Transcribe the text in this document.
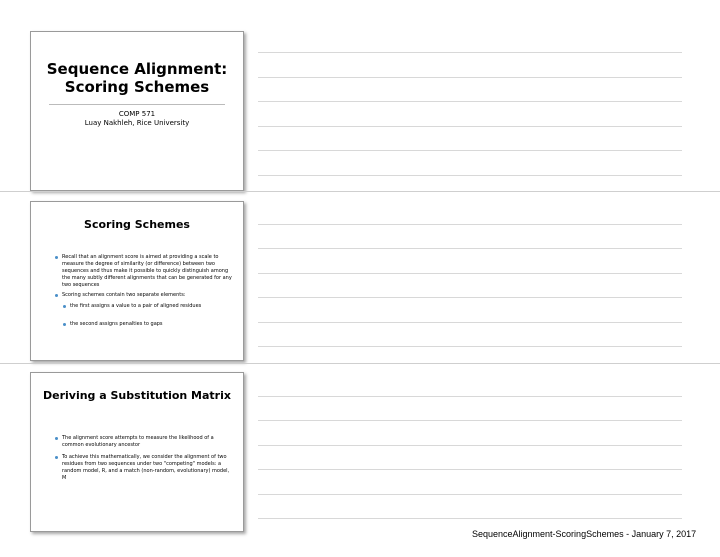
Sequence Alignment:
Scoring Schemes
COMP 571
Luay Nakhleh, Rice University
Scoring Schemes
Recall that an alignment score is aimed at providing a scale to measure the degree of similarity (or difference) between two sequences and thus make it possible to quickly distinguish among the many subtly different alignments that can be generated for any two sequences
Scoring schemes contain two separate elements:
the first assigns a value to a pair of aligned residues
the second assigns penalties to gaps
Deriving a Substitution Matrix
The alignment score attempts to measure the likelihood of a common evolutionary ancestor
To achieve this mathematically, we consider the alignment of two residues from two sequences under two "competing" models: a random model, R, and a match (non-random, evolutionary) model, M
SequenceAlignment-ScoringSchemes - January 7, 2017
